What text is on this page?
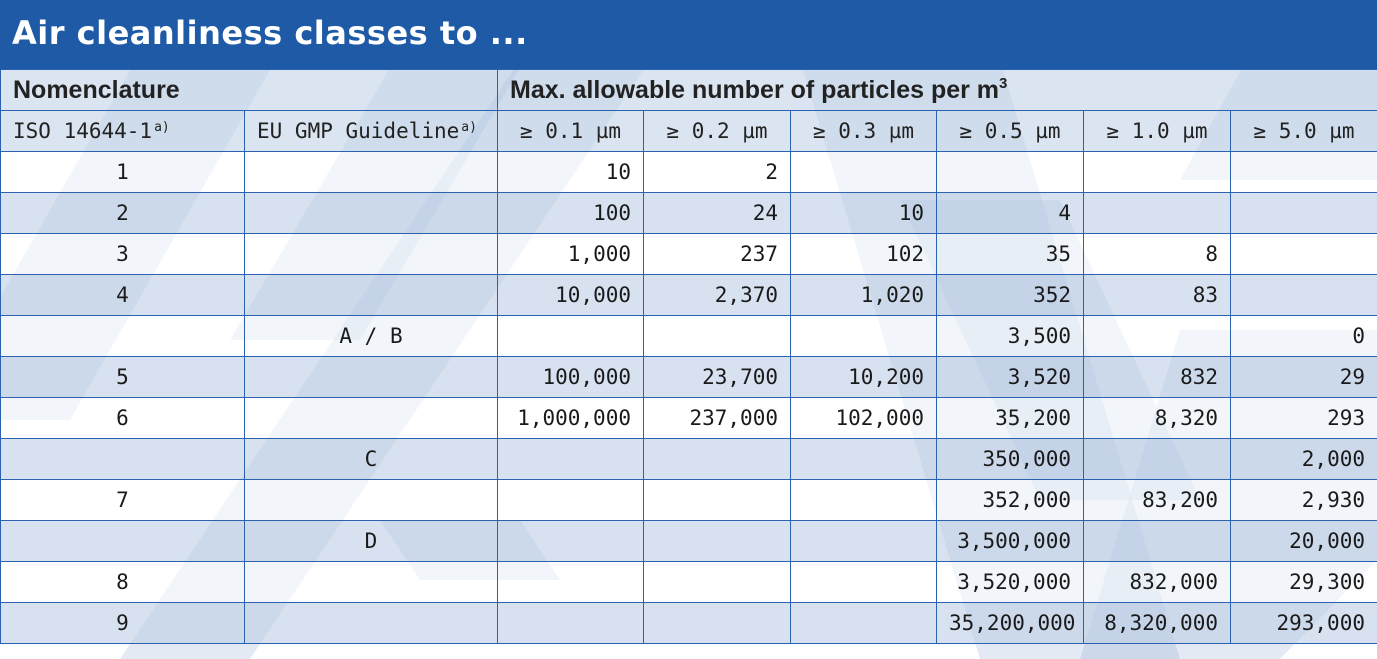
Air cleanliness classes to ...
Nomenclature		Max. allowable number of particles per $m^3$
ISO 14644-1 $^{a)}$	EU GMP Guideline $^{a)}$	≥ 0.1 µm	≥ 0.2 µm	≥ 0.3 µm	≥ 0.5 µm	≥ 1.0 µm	≥ 5.0 µm
1		10	2				
2		100	24	10	4		
3		1,000	237	102	35	8	
4		10,000	2,370	1,020	352	83	
	A / B				3,500		0
5		100,000	23,700	10,200	3,520	832	29
6		1,000,000	237,000	102,000	35,200	8,320	293
	C				350,000		2,000
7					352,000	83,200	2,930
	D				3,500,000		20,000
8					3,520,000	832,000	29,300
9					35,200,000	8,320,000	293,000
